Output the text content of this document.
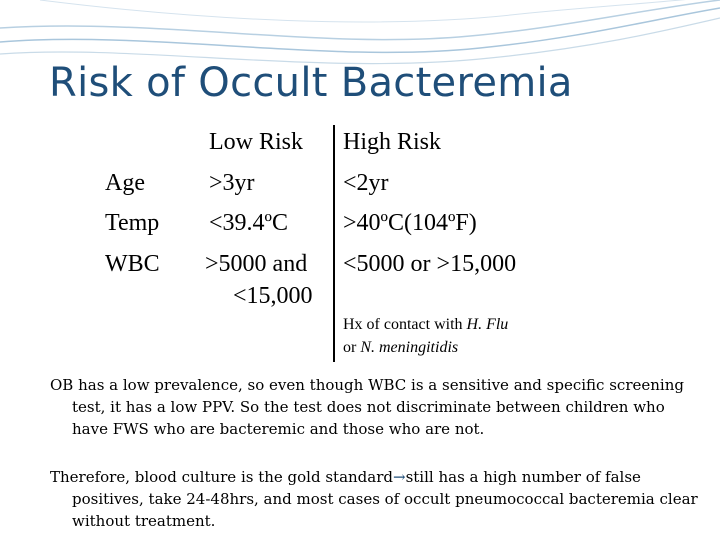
Risk of Occult Bacteremia
Low Risk High Risk
Age	>3yr	<2yr
Temp <39.4ºC >40ºC(104ºF)
WBC >5000 and
<15,000
<5000 or >15,000
Hx of contact with H. Flu
or N. meningitidis
OB has a low prevalence, so even though WBC is a sensitive and specific screening test, it has a low PPV. So the test does not discriminate between children who have FWS who are bacteremic and those who are not.
Therefore, blood culture is the gold standard→still has a high number of false positives, take 24-48hrs, and most cases of occult pneumococcal bacteremia clear without treatment.
